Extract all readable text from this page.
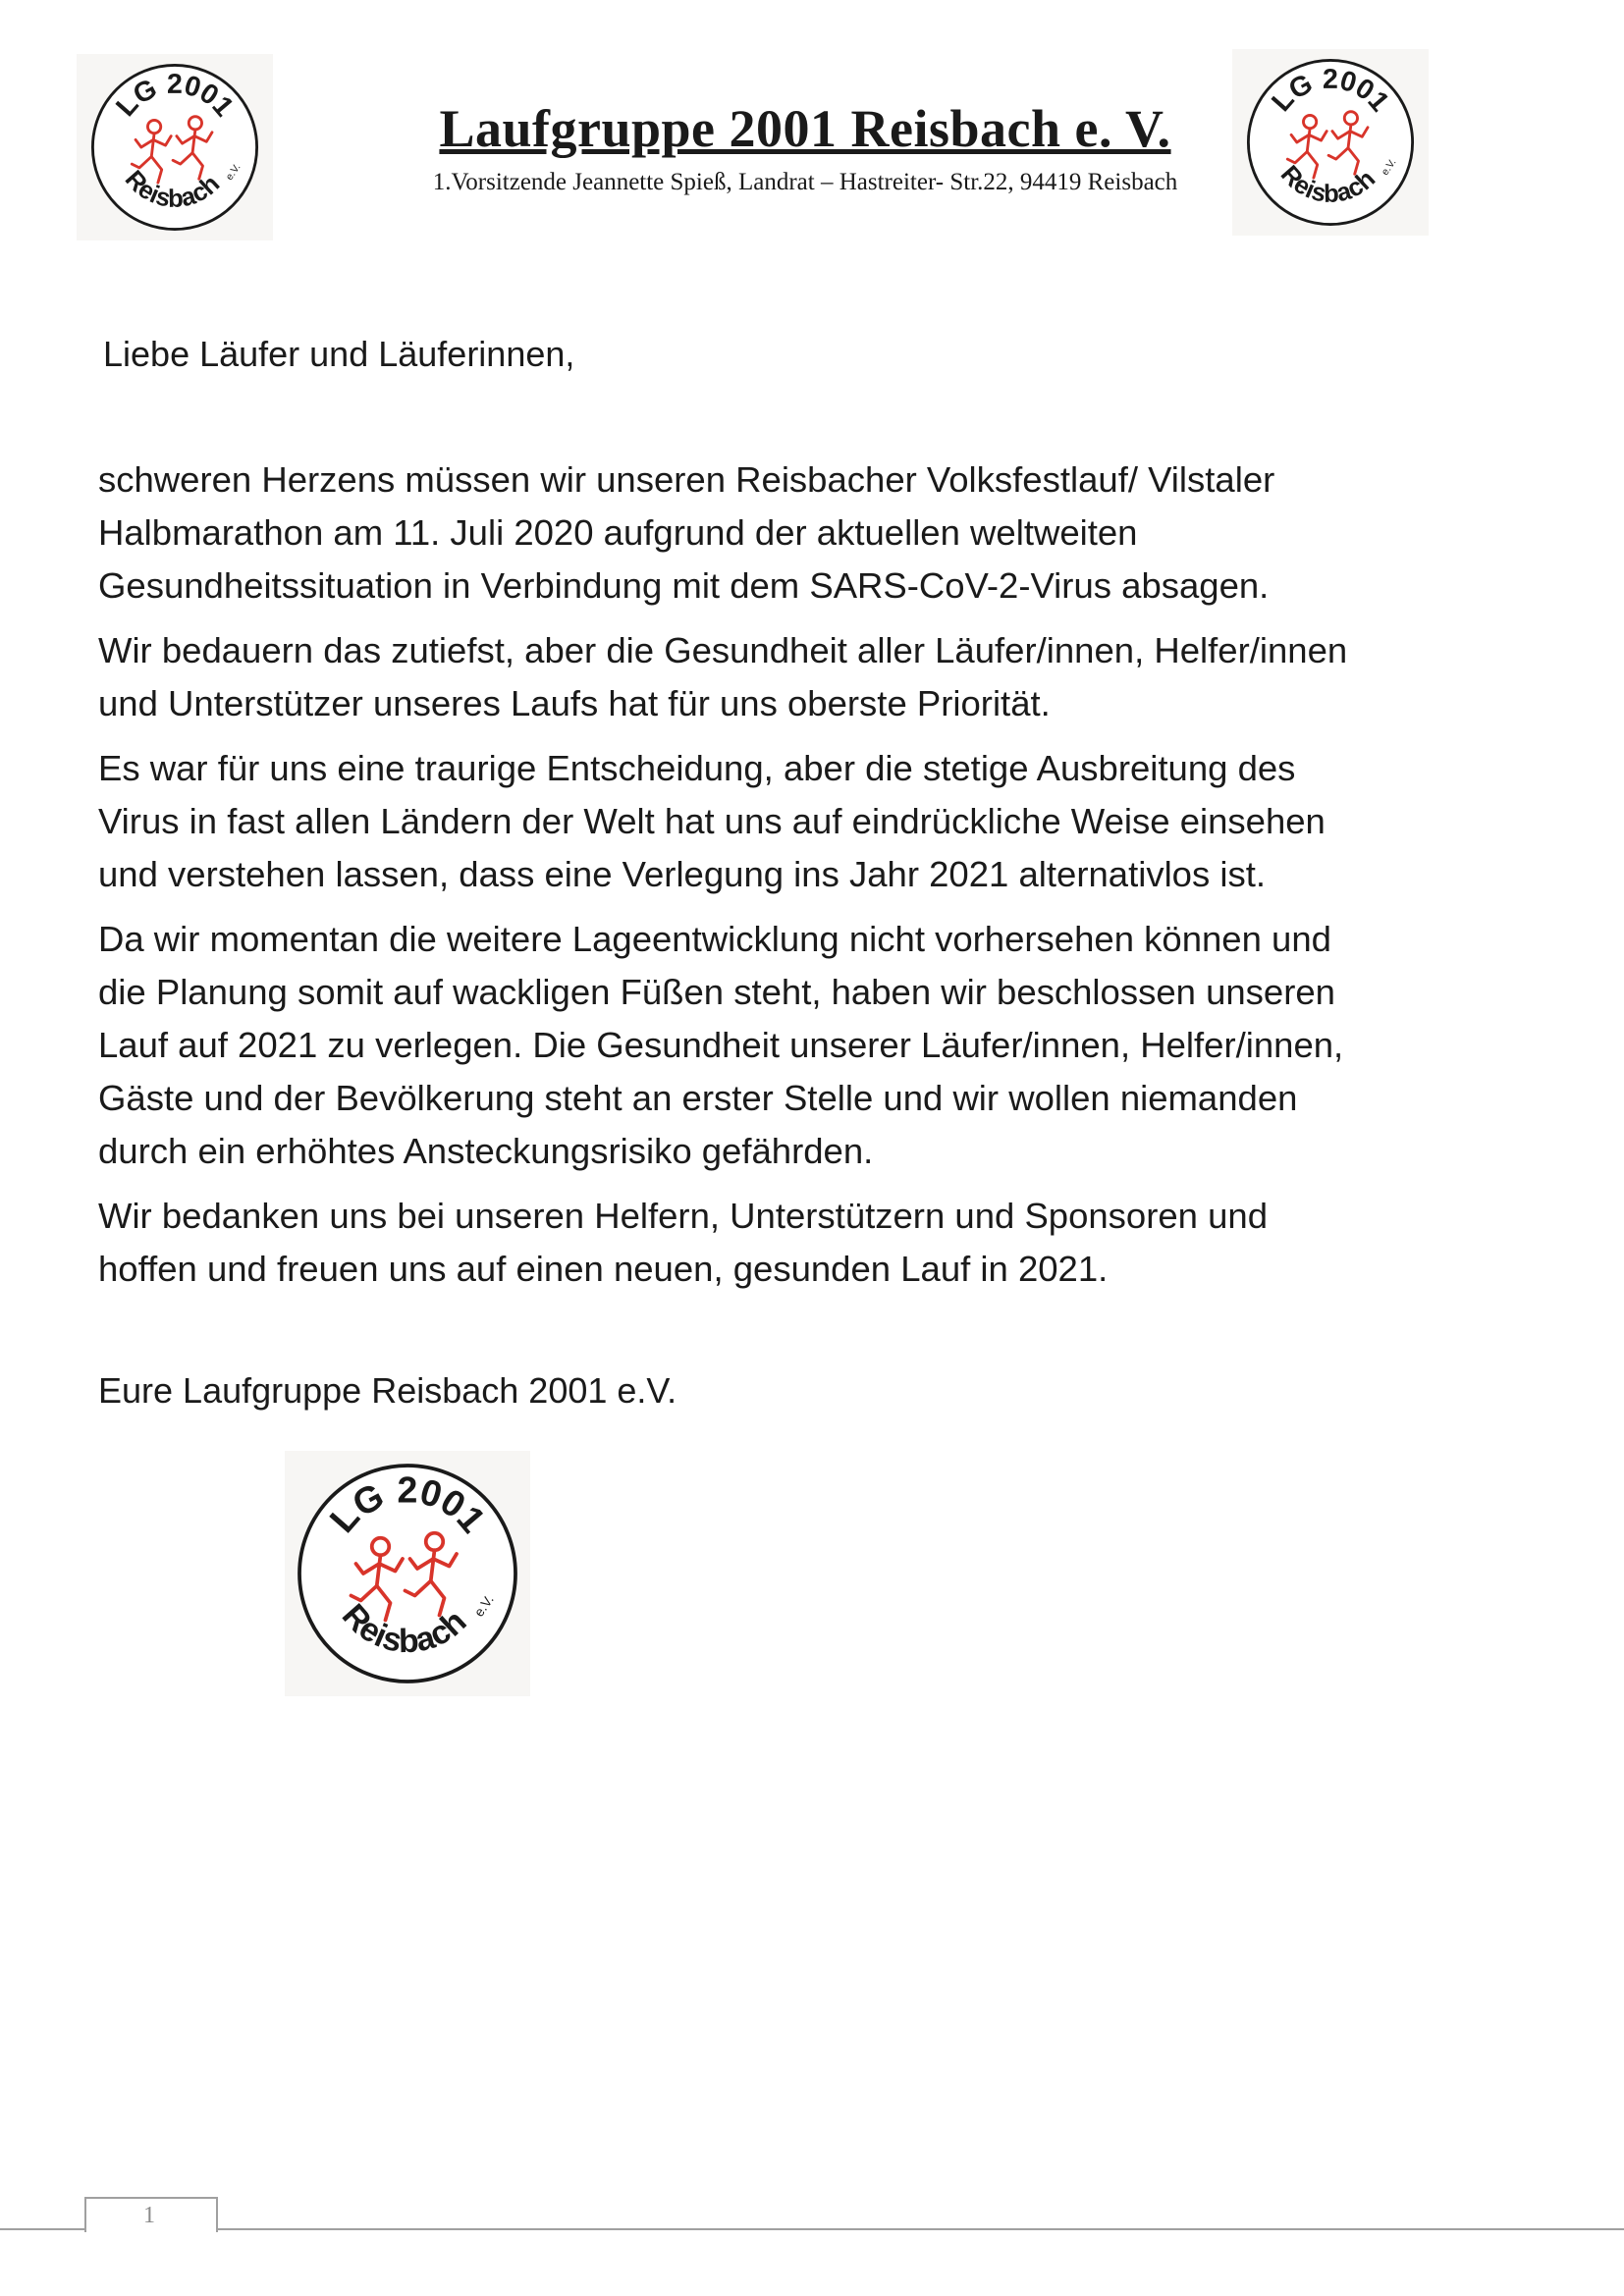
LG 2001
Reisbach e.V.
LG 2001
Reisbach e.V.
Laufgruppe 2001 Reisbach e. V.
1.Vorsitzende Jeannette Spieß, Landrat – Hastreiter- Str.22, 94419 Reisbach
Liebe Läufer und Läuferinnen,

schweren Herzens müssen wir unseren Reisbacher Volksfestlauf/ Vilstaler
Halbmarathon am 11. Juli 2020 aufgrund der aktuellen weltweiten
Gesundheitssituation in Verbindung mit dem SARS-CoV-2-Virus absagen.

Wir bedauern das zutiefst, aber die Gesundheit aller Läufer/innen, Helfer/innen
und Unterstützer unseres Laufs hat für uns oberste Priorität.

Es war für uns eine traurige Entscheidung, aber die stetige Ausbreitung des
Virus in fast allen Ländern der Welt hat uns auf eindrückliche Weise einsehen
und verstehen lassen, dass eine Verlegung ins Jahr 2021 alternativlos ist.

Da wir momentan die weitere Lageentwicklung nicht vorhersehen können und
die Planung somit auf wackligen Füßen steht, haben wir beschlossen unseren
Lauf auf 2021 zu verlegen. Die Gesundheit unserer Läufer/innen, Helfer/innen,
Gäste und der Bevölkerung steht an erster Stelle und wir wollen niemanden
durch ein erhöhtes Ansteckungsrisiko gefährden.

Wir bedanken uns bei unseren Helfern, Unterstützern und Sponsoren und
hoffen und freuen uns auf einen neuen, gesunden Lauf in 2021.

Eure Laufgruppe Reisbach 2001 e.V.
LG 2001
Reisbach
e.V.
1
